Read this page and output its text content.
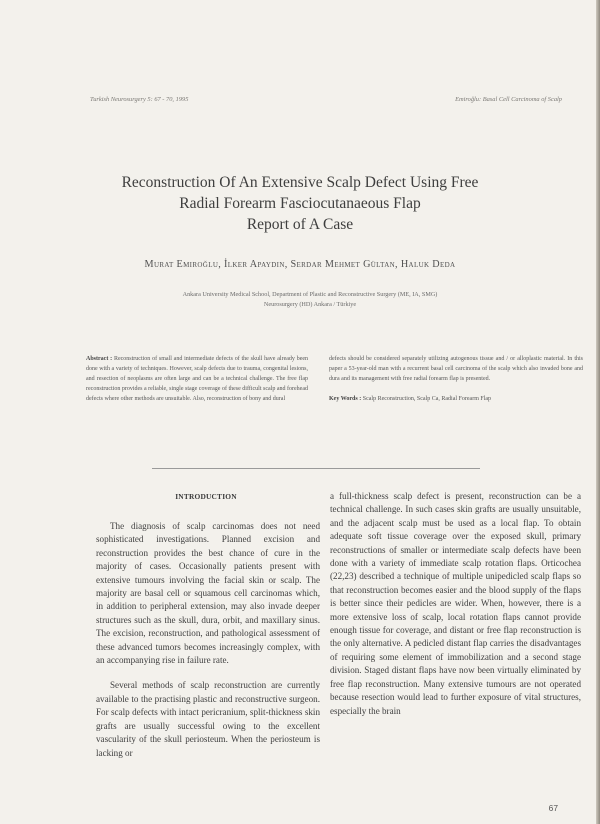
Turkish Neurosurgery 5: 67 - 70, 1995	Emiroğlu: Basal Cell Carcinoma of Scalp
Reconstruction Of An Extensive Scalp Defect Using Free
Radial Forearm Fasciocutanaeous Flap
Report of A Case
Murat Emiroğlu, İlker Apaydin, Serdar Mehmet Gültan, Haluk Deda
Ankara University Medical School, Department of Plastic and Reconstructive Surgery (ME, IA, SMG)
Neurosurgery (HD) Ankara / Türkiye
Abstract : Reconstruction of small and intermediate defects of the skull have already been done with a variety of techniques. However, scalp defects due to trauma, congenital lesions, and resection of neoplasms are often large and can be a technical challenge. The free flap reconstruction provides a reliable, single stage coverage of these difficult scalp and forehead defects where other methods are unsuitable. Also, reconstruction of bony and dural
defects should be considered separately utilizing autogenous tissue and / or alloplastic material. In this paper a 53-year-old man with a recurrent basal cell carcinoma of the scalp which also invaded bone and dura and its management with free radial forearm flap is presented.
Key Words : Scalp Reconstruction, Scalp Ca, Radial Forearm Flap
INTRODUCTION

The diagnosis of scalp carcinomas does not need sophisticated investigations. Planned excision and reconstruction provides the best chance of cure in the majority of cases. Occasionally patients present with extensive tumours involving the facial skin or scalp. The majority are basal cell or squamous cell carcinomas which, in addition to peripheral extension, may also invade deeper structures such as the skull, dura, orbit, and maxillary sinus. The excision, reconstruction, and pathological assessment of these advanced tumors becomes increasingly complex, with an accompanying rise in failure rate.

Several methods of scalp reconstruction are currently available to the practising plastic and reconstructive surgeon. For scalp defects with intact pericranium, split-thickness skin grafts are usually successful owing to the excellent vascularity of the skull periosteum. When the periosteum is lacking or

a full-thickness scalp defect is present, reconstruction can be a technical challenge. In such cases skin grafts are usually unsuitable, and the adjacent scalp must be used as a local flap. To obtain adequate soft tissue coverage over the exposed skull, primary reconstructions of smaller or intermediate scalp defects have been done with a variety of immediate scalp rotation flaps. Orticochea (22,23) described a technique of multiple unipedicled scalp flaps so that reconstruction becomes easier and the blood supply of the flaps is better since their pedicles are wider. When, however, there is a more extensive loss of scalp, local rotation flaps cannot provide enough tissue for coverage, and distant or free flap reconstruction is the only alternative. A pedicled distant flap carries the disadvantages of requiring some element of immobilization and a second stage division. Staged distant flaps have now been virtually eliminated by free flap reconstruction. Many extensive tumours are not operated because resection would lead to further exposure of vital structures, especially the brain

67
